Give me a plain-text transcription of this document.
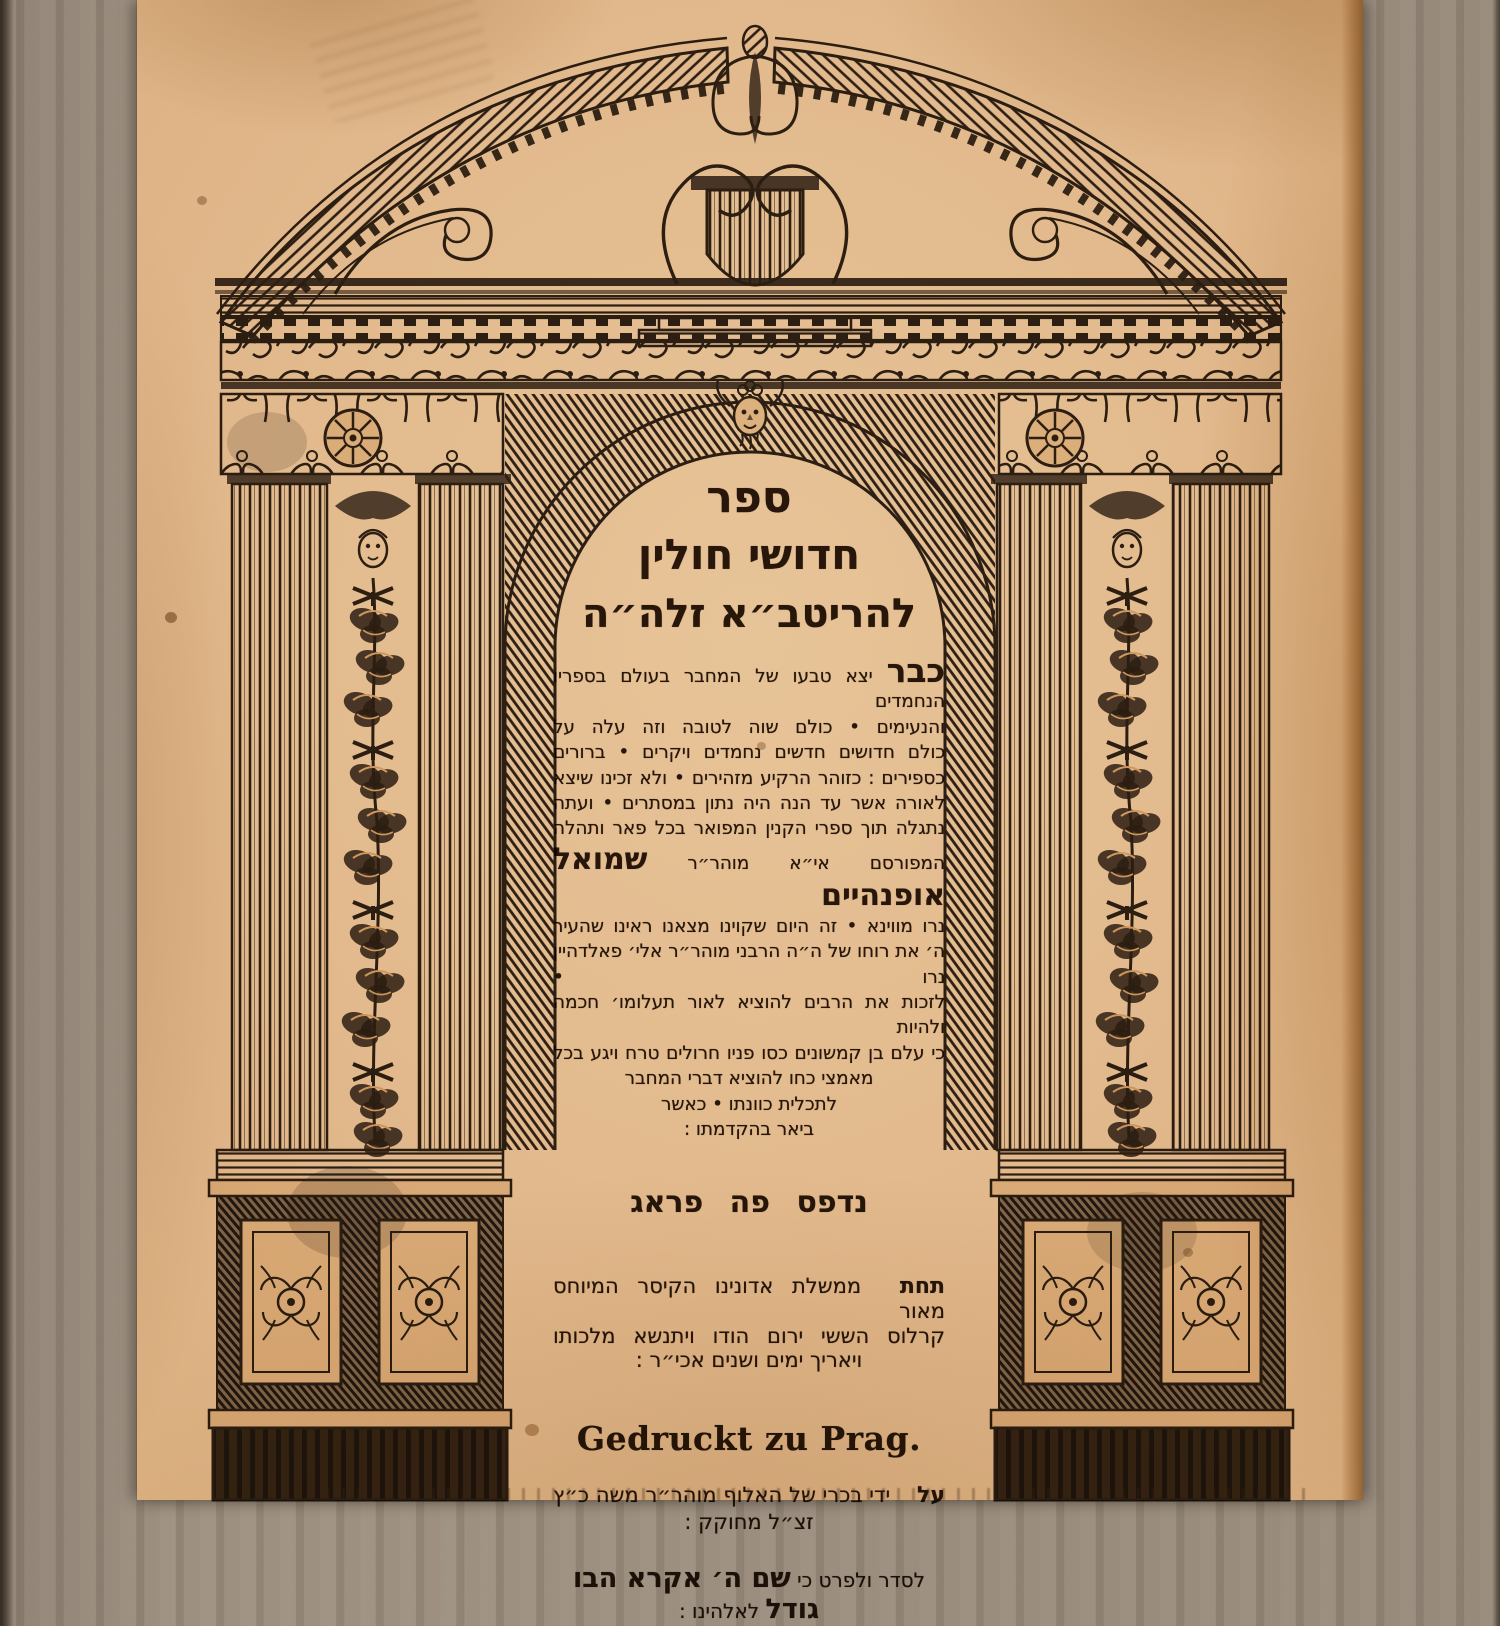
ספר
חדושי חולין
להריטב״א זלה״ה
כבר יצא טבעו של המחבר בעולם בספריו הנחמדים
והנעימים • כולם שוה לטובה וזה עלה על
כולם חדושים חדשים נחמדים ויקרים • ברורים
כספירים : כזוהר הרקיע מזהירים • ולא זכינו שיצא
לאורה אשר עד הנה היה נתון במסתרים • ועתה
נתגלה תוך ספרי הקנין המפואר בכל פאר ותהלה
המפורסם אי״א מוהר״ר שמואל אופנהיים
נרו מווינא • זה היום שקוינו מצאנו ראינו שהעיר
ה׳ את רוחו של ה״ה הרבני מוהר״ר אלי׳ פאלדהיין נרו •
לזכות את הרבים להוציא לאור תעלומו׳ חכמה ולהיות
כי עלם בן קמשונים כסו פניו חרולים טרח ויגע בכל
מאמצי כחו להוציא דברי המחבר
לתכלית כוונתו • כאשר
ביאר בהקדמתו :
נדפס פה פראג
תחת ממשלת אדונינו הקיסר המיוחס מאור
קרלוס הששי ירום הודו ויתנשא מלכותו
ויאריך ימים ושנים אכי״ר :
Gedruckt zu Prag.
על ידי בכרי של האלוף מוהר״ר משה כ״ץ
זצ״ל מחוקק :
לסדר ולפרט כי שם ה׳ אקרא הבו
גודל לאלהינו :
